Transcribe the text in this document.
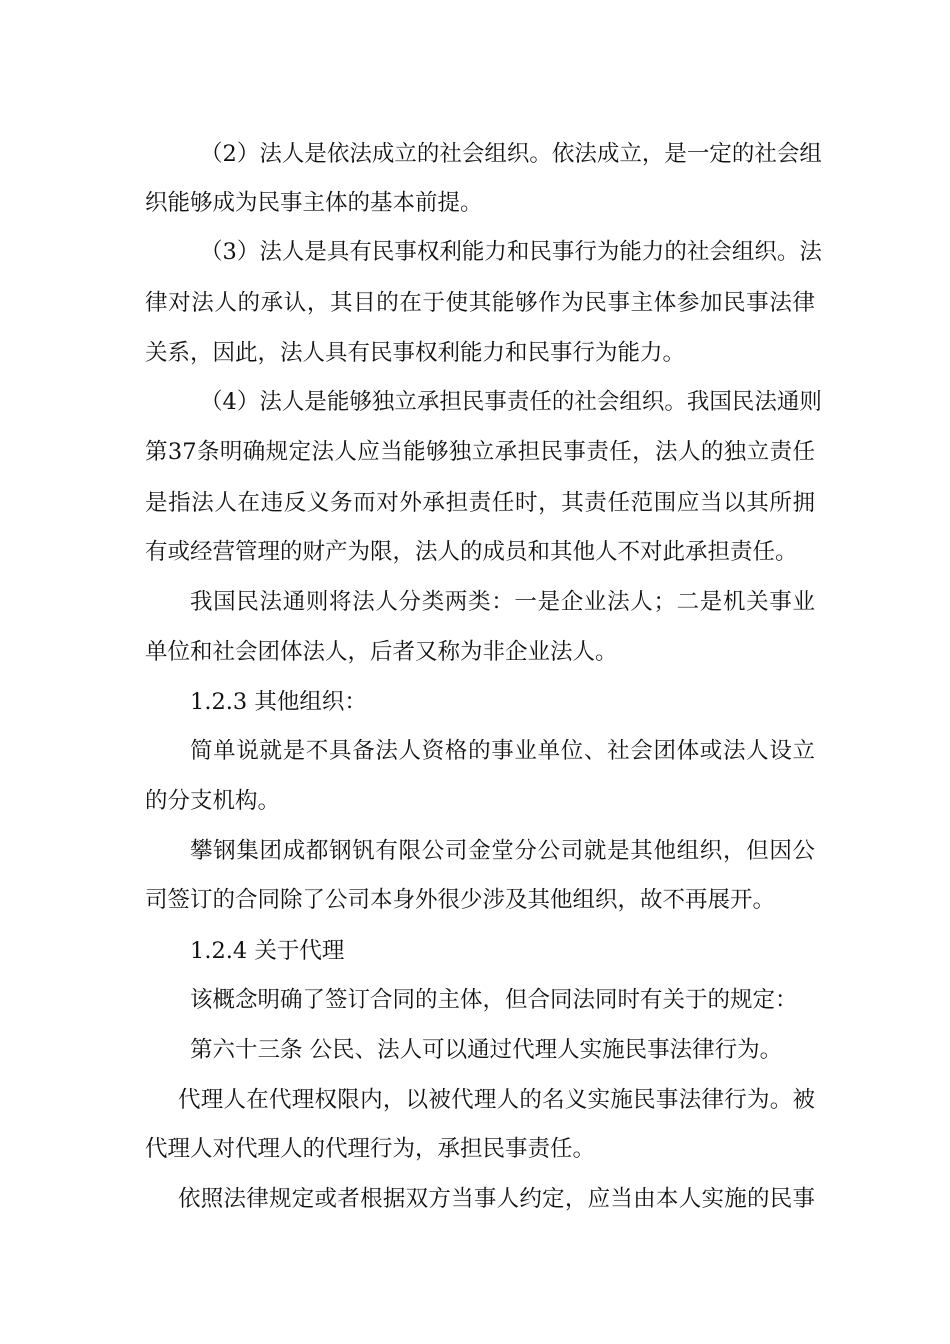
（2）法人是依法成立的社会组织。依法成立，是一定的社会组
织能够成为民事主体的基本前提。
（3）法人是具有民事权利能力和民事行为能力的社会组织。法
律对法人的承认，其目的在于使其能够作为民事主体参加民事法律
关系，因此，法人具有民事权利能力和民事行为能力。
（4）法人是能够独立承担民事责任的社会组织。我国民法通则
第37条明确规定法人应当能够独立承担民事责任，法人的独立责任
是指法人在违反义务而对外承担责任时，其责任范围应当以其所拥
有或经营管理的财产为限，法人的成员和其他人不对此承担责任。
我国民法通则将法人分类两类：一是企业法人；二是机关事业
单位和社会团体法人，后者又称为非企业法人。
1.2.3 其他组织：
简单说就是不具备法人资格的事业单位、社会团体或法人设立
的分支机构。
攀钢集团成都钢钒有限公司金堂分公司就是其他组织，但因公
司签订的合同除了公司本身外很少涉及其他组织，故不再展开。
1.2.4 关于代理
该概念明确了签订合同的主体，但合同法同时有关于的规定：
第六十三条 公民、法人可以通过代理人实施民事法律行为。
代理人在代理权限内，以被代理人的名义实施民事法律行为。被
代理人对代理人的代理行为，承担民事责任。
依照法律规定或者根据双方当事人约定，应当由本人实施的民事
